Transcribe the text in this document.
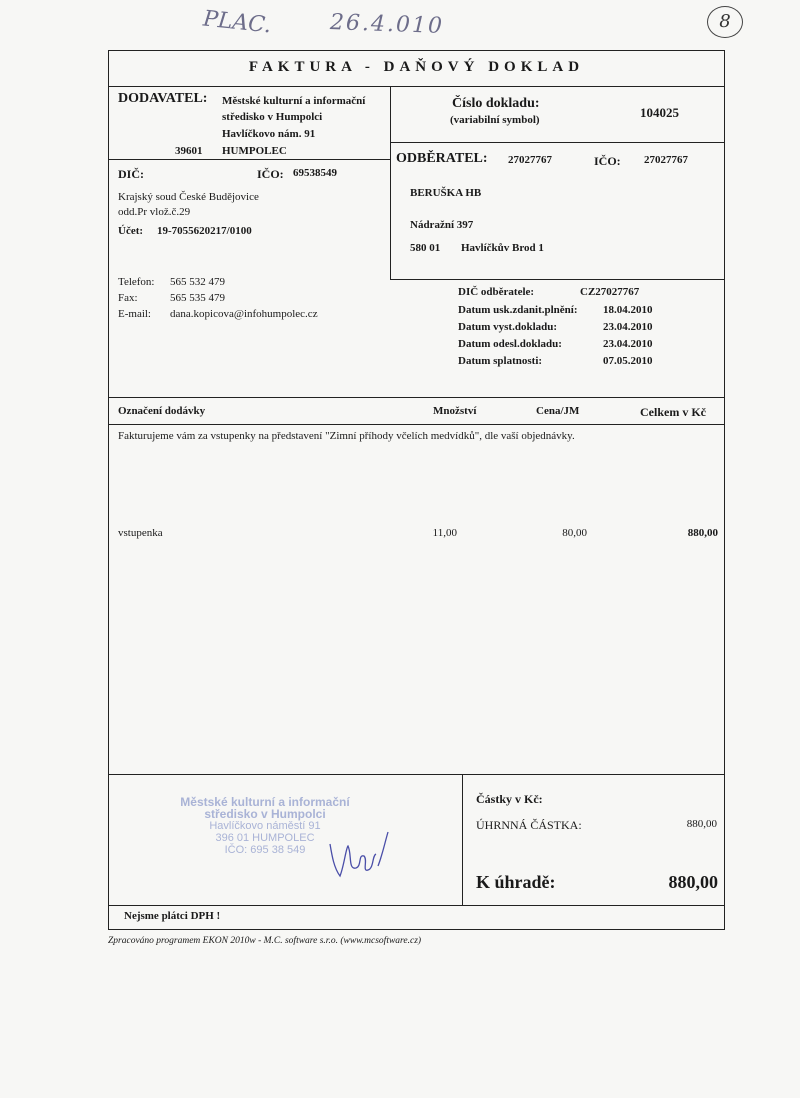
PLAC.	26.4.010	8
FAKTURA - DAŇOVÝ DOKLAD
DODAVATEL: Městské kulturní a informační
středisko v Humpolci
Havlíčkovo nám. 91
39601 HUMPOLEC
DIČ:	IČO: 69538549
Krajský soud České Budějovice
odd.Pr vlož.č.29
Účet: 19-7055620217/0100
Telefon: 565 532 479
Fax:	565 535 479
E-mail: dana.kopicova@infohumpolec.cz
Číslo dokladu:
(variabilní symbol)	104025
ODBĚRATEL: 27027767	IČO: 27027767
BERUŠKA HB
Nádražní 397
580 01 Havlíčkův Brod 1
DIČ odběratele:	CZ27027767
Datum usk.zdanit.plnění: 18.04.2010
Datum vyst.dokladu:	23.04.2010
Datum odesl.dokladu:	23.04.2010
Datum splatnosti:	07.05.2010
Označení dodávky	Množství	Cena/JM	Celkem v Kč
Fakturujeme vám za vstupenky na představení "Zimní příhody včelích medvídků", dle vaší objednávky.
vstupenka	11,00	80,00	880,00
Městské kulturní a informační
středisko v Humpolci
Havlíčkovo náměstí 91
396 01 HUMPOLEC
IČO: 695 38 549
Částky v Kč:
ÚHRNNÁ ČÁSTKA:	880,00
K úhradě:	880,00
Nejsme plátci DPH !
Zpracováno programem EKON 2010w - M.C. software s.r.o. (www.mcsoftware.cz)
